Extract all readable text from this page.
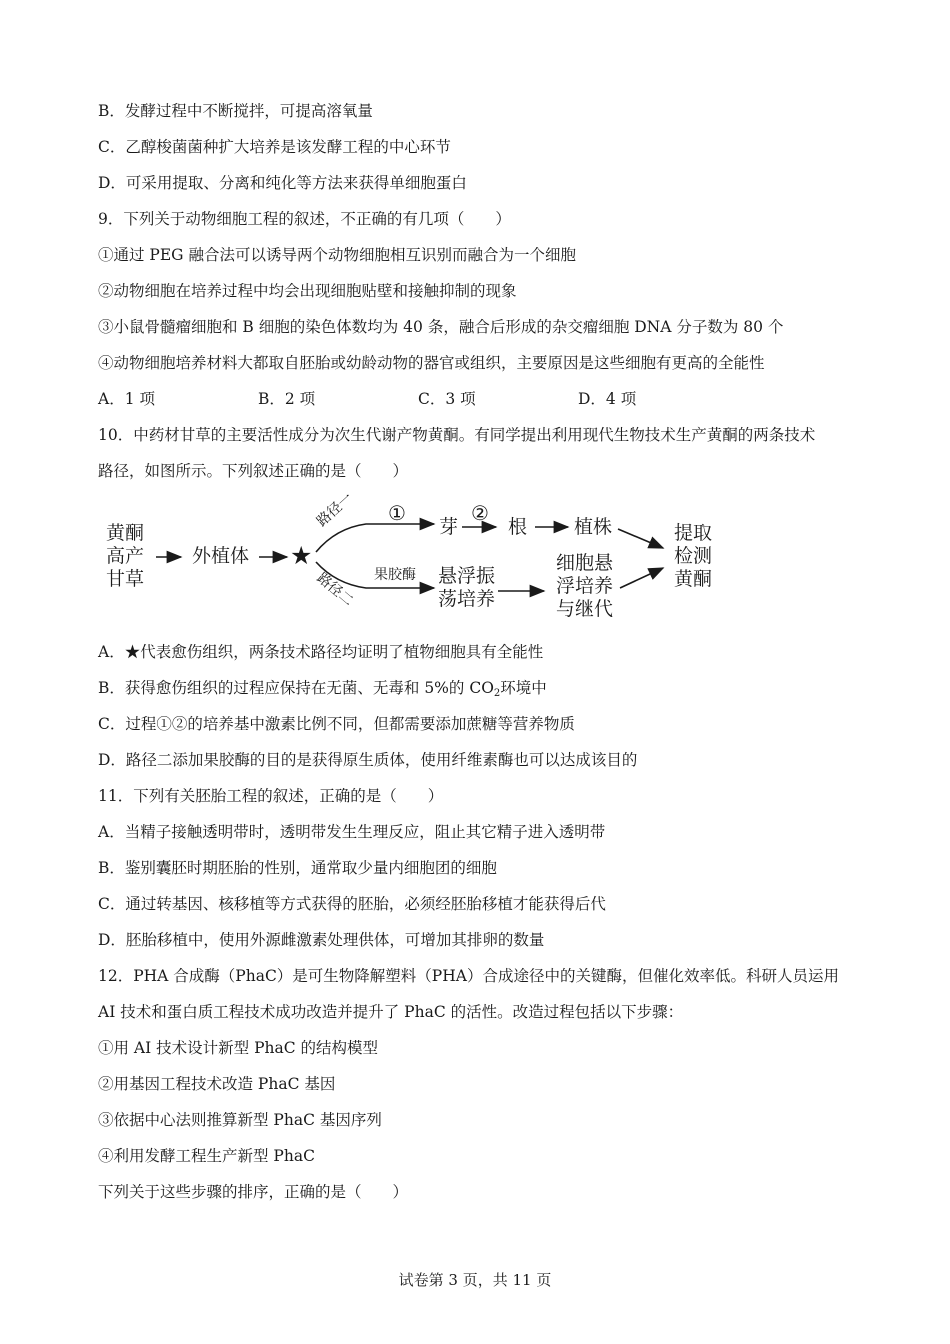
B．发酵过程中不断搅拌，可提高溶氧量
C．乙醇梭菌菌种扩大培养是该发酵工程的中心环节
D．可采用提取、分离和纯化等方法来获得单细胞蛋白
9．下列关于动物细胞工程的叙述，不正确的有几项（　　）
①通过 PEG 融合法可以诱导两个动物细胞相互识别而融合为一个细胞
②动物细胞在培养过程中均会出现细胞贴壁和接触抑制的现象
③小鼠骨髓瘤细胞和 B 细胞的染色体数均为 40 条，融合后形成的杂交瘤细胞 DNA 分子数为 80 个
④动物细胞培养材料大都取自胚胎或幼龄动物的器官或组织，主要原因是这些细胞有更高的全能性
A．1 项	B．2 项	C．3 项	D．4 项
10．中药材甘草的主要活性成分为次生代谢产物黄酮。有同学提出利用现代生物技术生产黄酮的两条技术
路径，如图所示。下列叙述正确的是（　　）
黄酮
高产
甘草
外植体 ★
路径一
路径二
①	②
果胶酶
芽	根 植株
悬浮振
荡培养
细胞悬
浮培养
与继代
提取
检测
黄酮
A．★代表愈伤组织，两条技术路径均证明了植物细胞具有全能性
B．获得愈伤组织的过程应保持在无菌、无毒和 5%的 $CO_2$环境中
C．过程①②的培养基中激素比例不同，但都需要添加蔗糖等营养物质
D．路径二添加果胶酶的目的是获得原生质体，使用纤维素酶也可以达成该目的
11．下列有关胚胎工程的叙述，正确的是（　　）
A．当精子接触透明带时，透明带发生生理反应，阻止其它精子进入透明带
B．鉴别囊胚时期胚胎的性别，通常取少量内细胞团的细胞
C．通过转基因、核移植等方式获得的胚胎，必须经胚胎移植才能获得后代
D．胚胎移植中，使用外源雌激素处理供体，可增加其排卵的数量
12．PHA 合成酶（PhaC）是可生物降解塑料（PHA）合成途径中的关键酶，但催化效率低。科研人员运用
AI 技术和蛋白质工程技术成功改造并提升了 PhaC 的活性。改造过程包括以下步骤：
①用 AI 技术设计新型 PhaC 的结构模型
②用基因工程技术改造 PhaC 基因
③依据中心法则推算新型 PhaC 基因序列
④利用发酵工程生产新型 PhaC
下列关于这些步骤的排序，正确的是（　　）
试卷第 3 页，共 11 页
